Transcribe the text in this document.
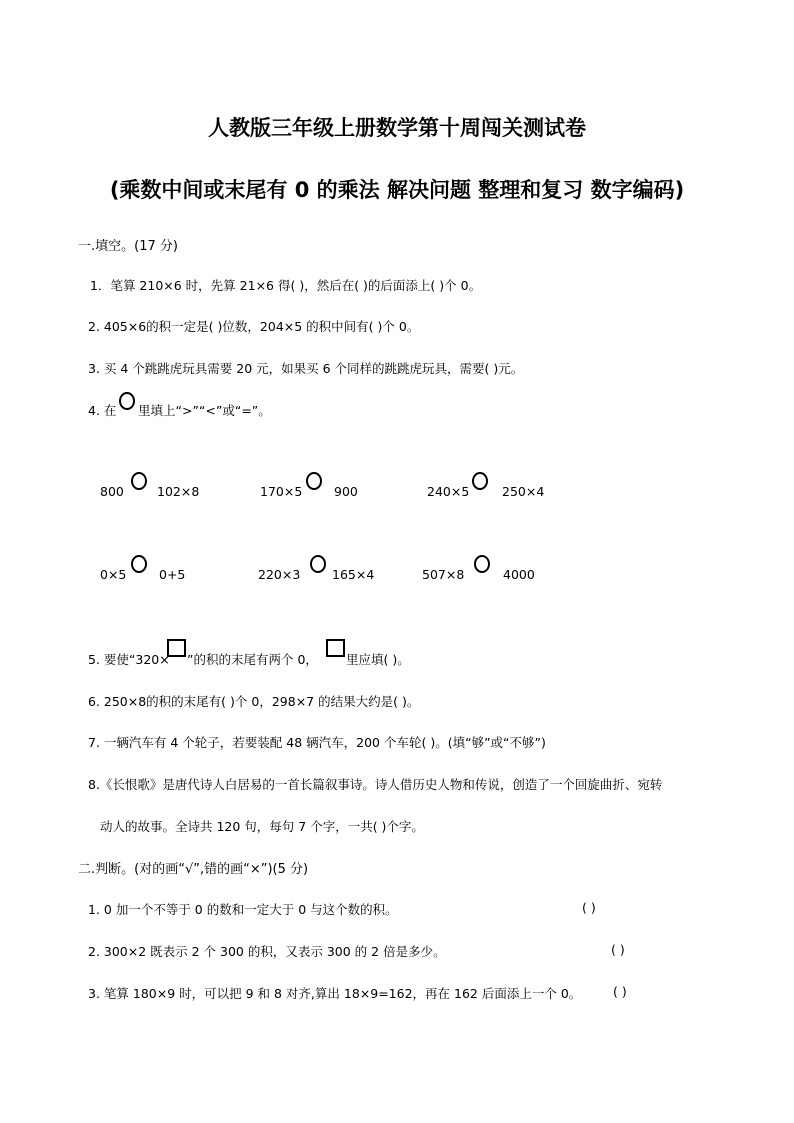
人教版三年级上册数学第十周闯关测试卷
(乘数中间或末尾有 0 的乘法 解决问题 整理和复习 数字编码)
一.填空。(17 分)
1．笔算 210×6 时，先算 21×6 得( )，然后在( )的后面添上( )个 0。
2. 405×6的积一定是( )位数，204×5 的积中间有( )个 0。
3. 买 4 个跳跳虎玩具需要 20 元，如果买 6 个同样的跳跳虎玩具，需要( )元。
4. 在 里填上“>”“<”或“=”。
800	102×8	170×5	900	240×5	250×4
0×5	0+5	220×3	165×4	507×8	4000
5. 要使“320× ”的积的末尾有两个 0， 里应填( )。
6. 250×8的积的末尾有( )个 0，298×7 的结果大约是( )。
7. 一辆汽车有 4 个轮子，若要装配 48 辆汽车，200 个车轮( )。(填“够”或“不够”)
8.《长恨歌》是唐代诗人白居易的一首长篇叙事诗。诗人借历史人物和传说，创造了一个回旋曲折、宛转
动人的故事。全诗共 120 句，每句 7 个字，一共( )个字。
二.判断。(对的画“√”,错的画“×”)(5 分)
1. 0 加一个不等于 0 的数和一定大于 0 与这个数的积。	( )
2. 300×2 既表示 2 个 300 的积，又表示 300 的 2 倍是多少。	( )
3. 笔算 180×9 时，可以把 9 和 8 对齐,算出 18×9=162，再在 162 后面添上一个 0。	( )
